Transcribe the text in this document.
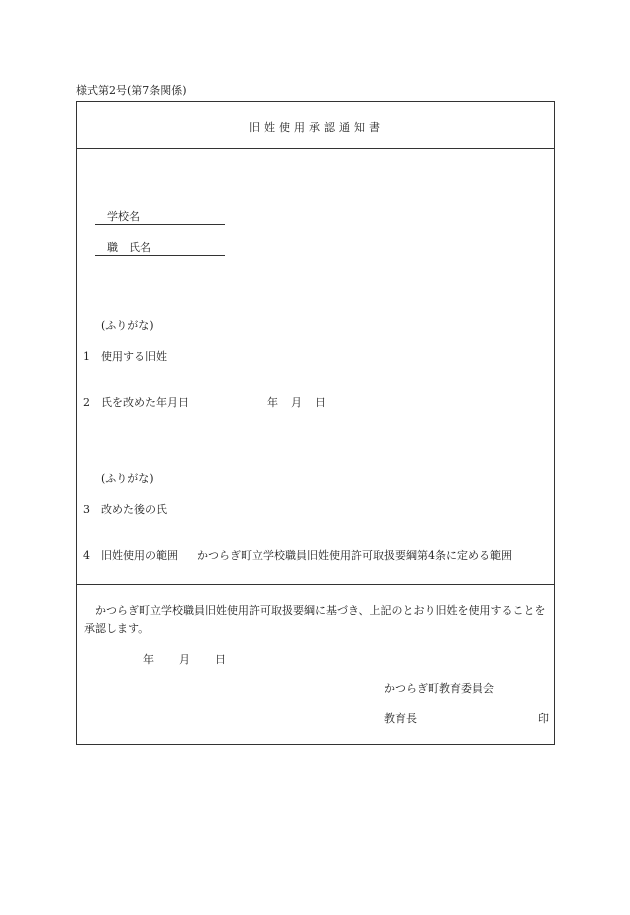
様式第2号(第7条関係)
旧姓使用承認通知書
学校名
職　氏名
(ふりがな)
1 使用する旧姓
2 氏を改めた年月日	年 月 日
(ふりがな)
3 改めた後の氏
4 旧姓使用の範囲 かつらぎ町立学校職員旧姓使用許可取扱要綱第4条に定める範囲
かつらぎ町立学校職員旧姓使用許可取扱要綱に基づき、上記のとおり旧姓を使用することを承認します。
年 月 日
かつらぎ町教育委員会
教育長	印
